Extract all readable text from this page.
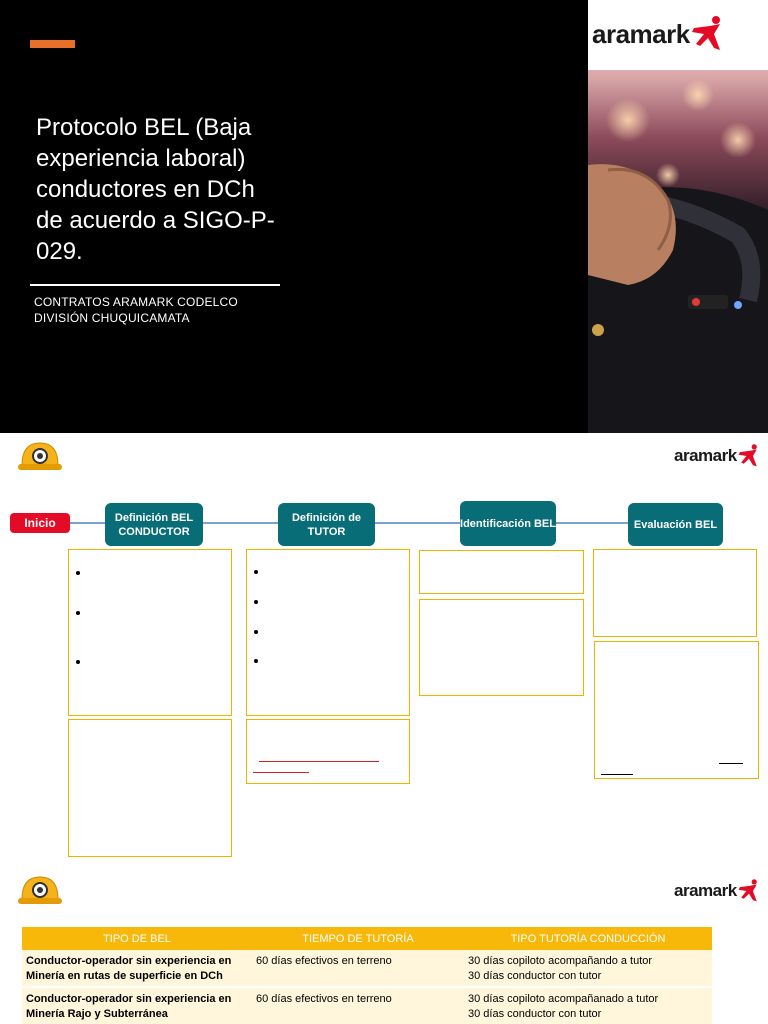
Protocolo BEL (Baja experiencia laboral) conductores en DCh de acuerdo a SIGO-P-029.
CONTRATOS ARAMARK CODELCO DIVISIÓN CHUQUICAMATA
aramark
aramark
Inicio	Definición BEL CONDUCTOR
Definición de TUTOR
Identificación BEL	Evaluación BEL
aramark
TIPO DE BEL	TIEMPO DE TUTORÍA	TIPO TUTORÍA CONDUCCIÓN
Conductor-operador sin experiencia en Minería en rutas de superficie en DCh	60 días efectivos en terreno	30 días copiloto acompañando a tutor
30 días conductor con tutor

Conductor-operador sin experiencia en Minería Rajo y Subterránea	60 días efectivos en terreno	30 días copiloto acompañanado a tutor
30 días conductor con tutor
